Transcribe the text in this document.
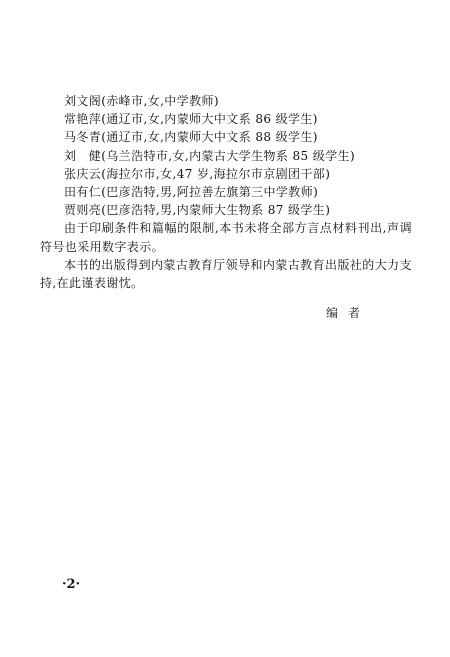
刘文阁(赤峰市,女,中学教师)
常艳萍(通辽市,女,内蒙师大中文系 86 级学生)
马冬青(通辽市,女,内蒙师大中文系 88 级学生)
刘　健(乌兰浩特市,女,内蒙古大学生物系 85 级学生)
张庆云(海拉尔市,女,47 岁,海拉尔市京剧团干部)
田有仁(巴彦浩特,男,阿拉善左旗第三中学教师)
贾则亮(巴彦浩特,男,内蒙师大生物系 87 级学生)
由于印刷条件和篇幅的限制,本书未将全部方言点材料刊出,声调符号也采用数字表示。
本书的出版得到内蒙古教育厅领导和内蒙古教育出版社的大力支持,在此谨表谢忱。
编者
·2·
